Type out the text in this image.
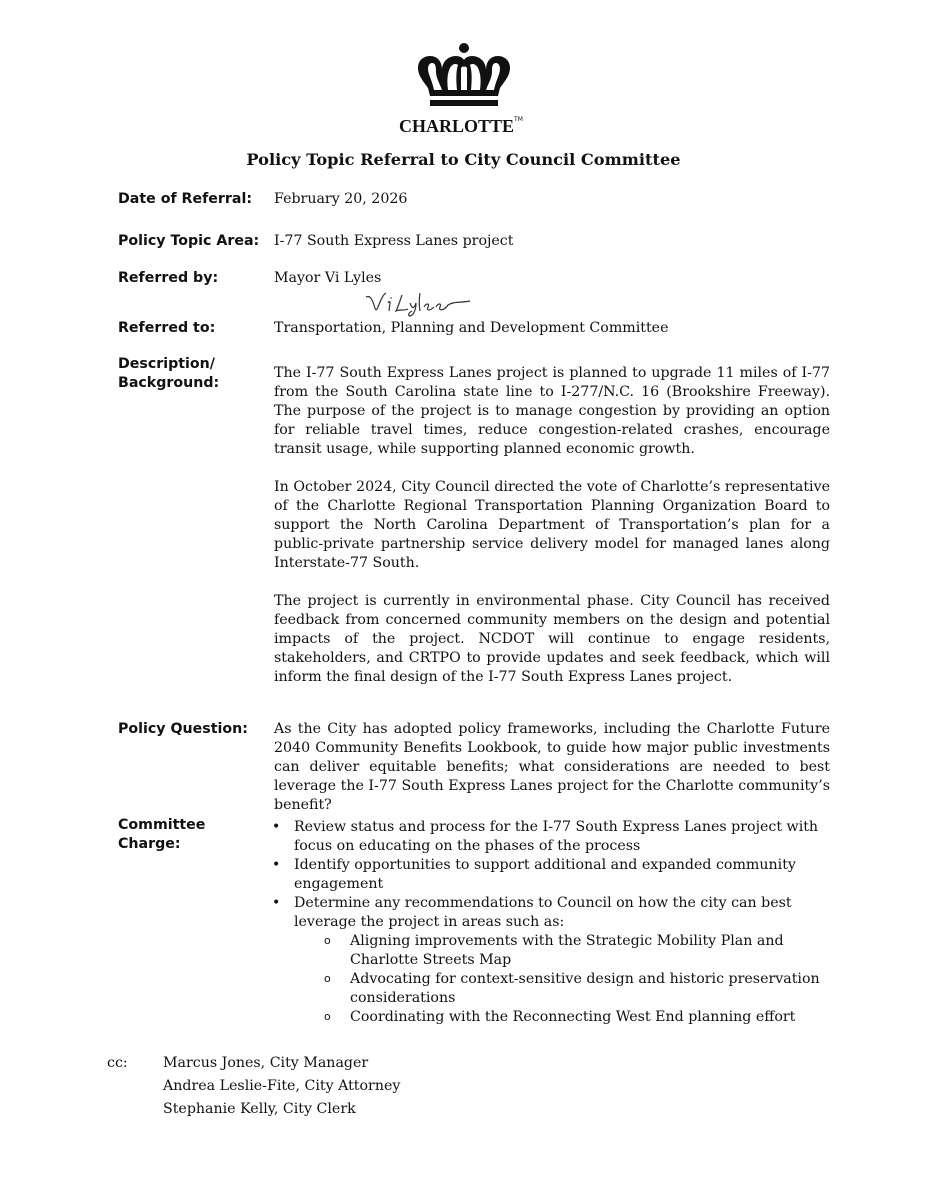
CHARLOTTE™
Policy Topic Referral to City Council Committee
Date of Referral:	February 20, 2026
Policy Topic Area:	I-77 South Express Lanes project
Referred by:	Mayor Vi Lyles
Referred to:	Transportation, Planning and Development Committee
Description/
Background:

The I-77 South Express Lanes project is planned to upgrade 11 miles of I-77 from the South Carolina state line to I-277/N.C. 16 (Brookshire Freeway). The purpose of the project is to manage congestion by providing an option for reliable travel times, reduce congestion-related crashes, encourage transit usage, while supporting planned economic growth.

In October 2024, City Council directed the vote of Charlotte’s representative of the Charlotte Regional Transportation Planning Organization Board to support the North Carolina Department of Transportation’s plan for a public-private partnership service delivery model for managed lanes along Interstate-77 South.

The project is currently in environmental phase. City Council has received feedback from concerned community members on the design and potential impacts of the project. NCDOT will continue to engage residents, stakeholders, and CRTPO to provide updates and seek feedback, which will inform the final design of the I-77 South Express Lanes project.

Policy Question:	As the City has adopted policy frameworks, including the Charlotte Future 2040 Community Benefits Lookbook, to guide how major public investments can deliver equitable benefits; what considerations are needed to best leverage the I-77 South Express Lanes project for the Charlotte community’s benefit?

Committee
Charge:
• Review status and process for the I-77 South Express Lanes project with focus on educating on the phases of the process
• Identify opportunities to support additional and expanded community engagement
• Determine any recommendations to Council on how the city can best leverage the project in areas such as:
o Aligning improvements with the Strategic Mobility Plan and Charlotte Streets Map
o Advocating for context-sensitive design and historic preservation considerations
o Coordinating with the Reconnecting West End planning effort
cc:	Marcus Jones, City Manager
Andrea Leslie-Fite, City Attorney
Stephanie Kelly, City Clerk
